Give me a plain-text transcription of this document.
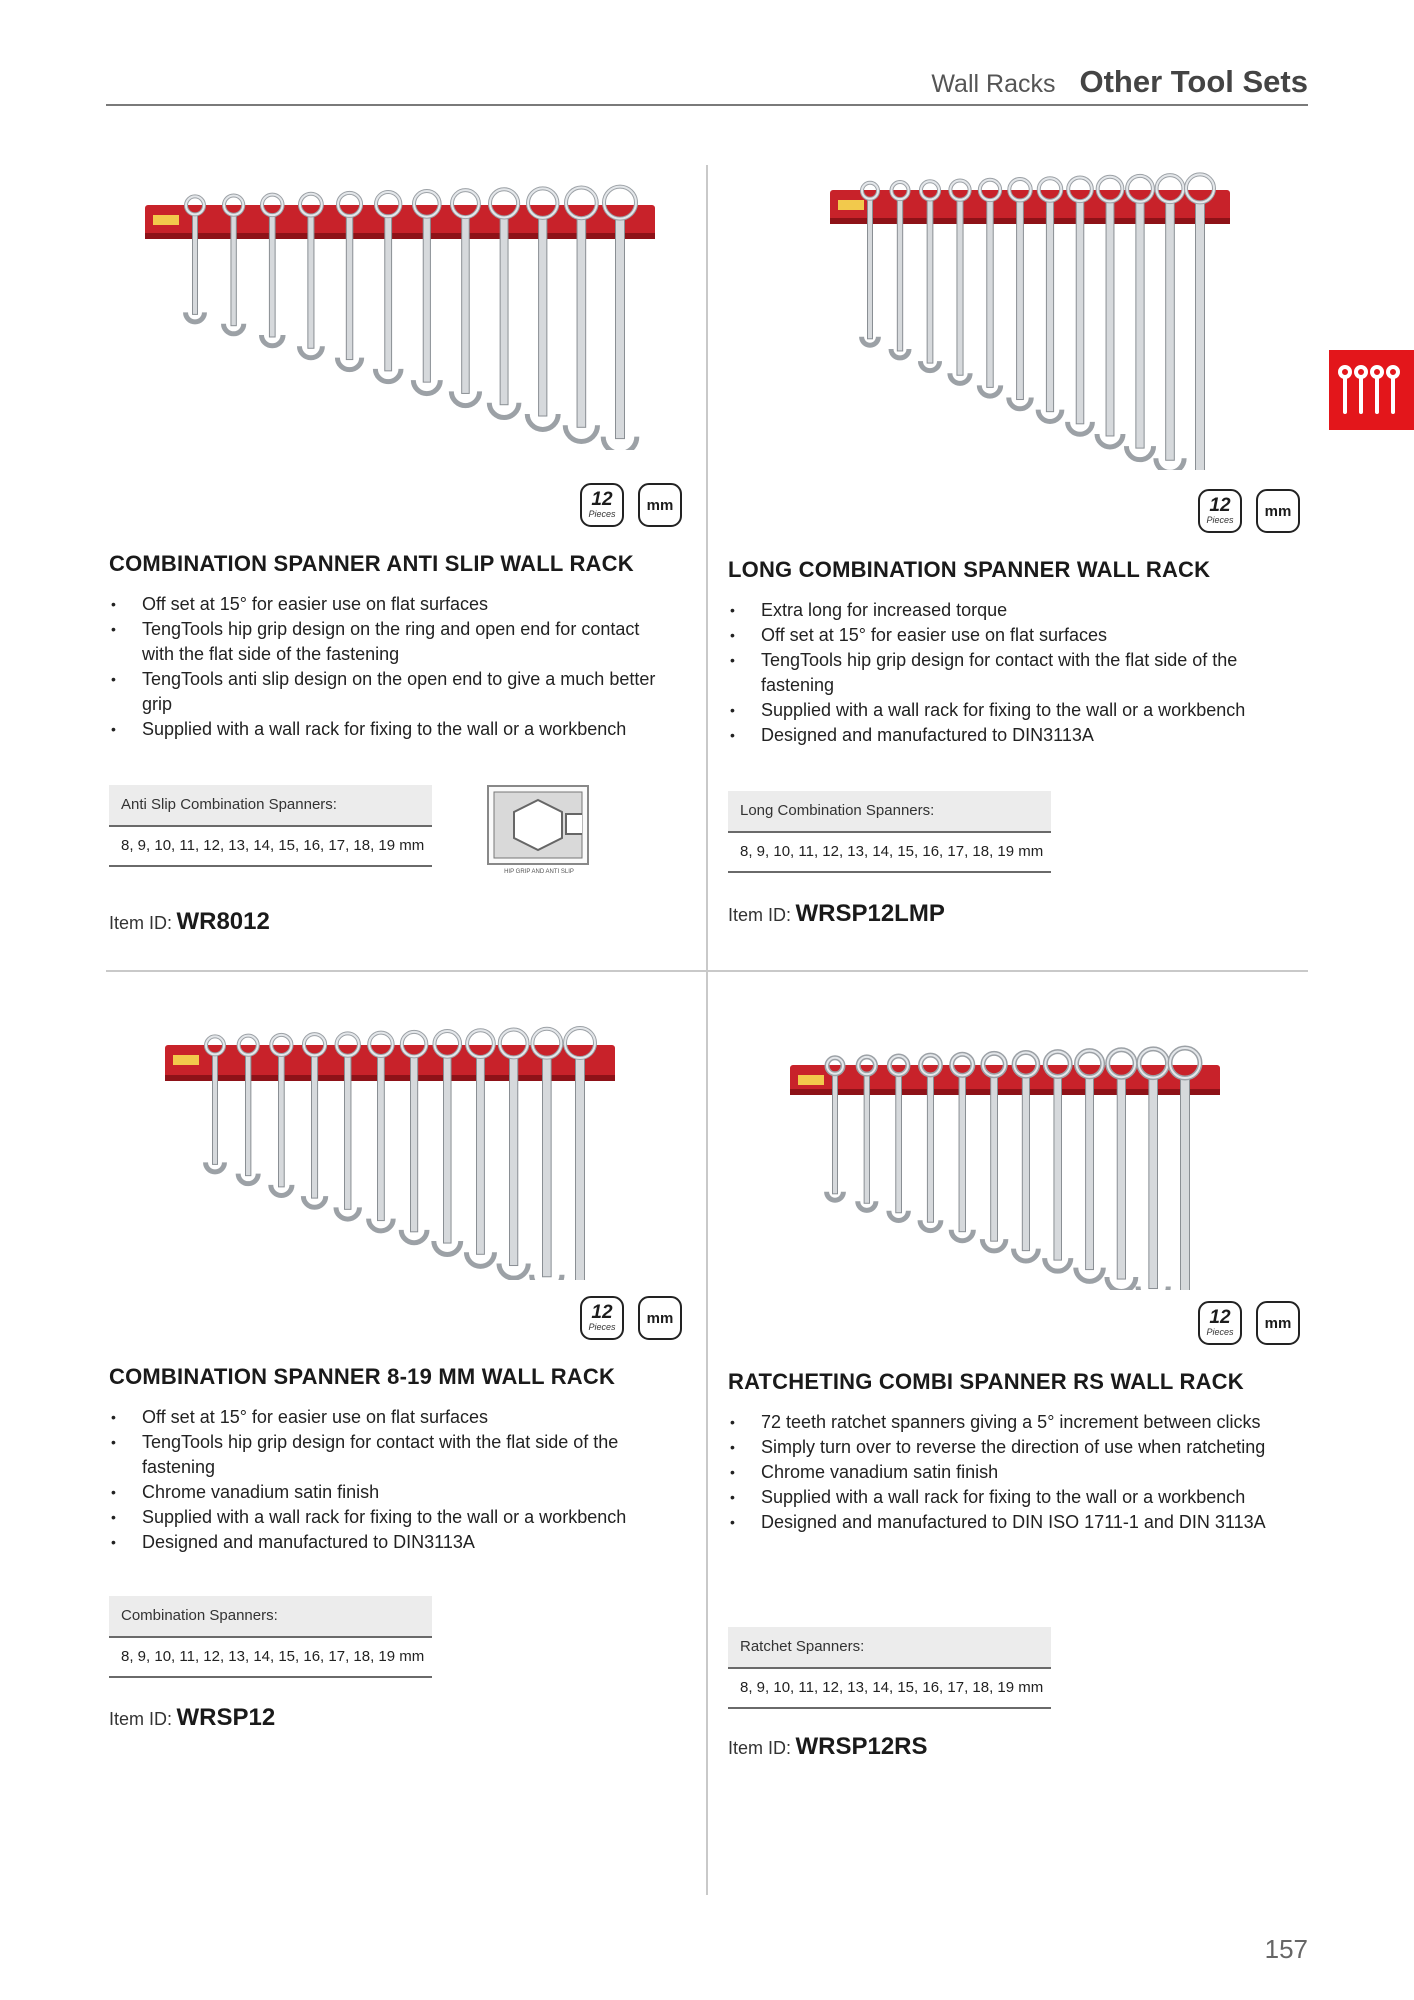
Wall Racks Other Tool Sets
12
Pieces
mm
COMBINATION SPANNER ANTI SLIP WALL RACK
• Off set at 15° for easier use on flat surfaces
• TengTools hip grip design on the ring and open end for contact with the flat side of the fastening
• TengTools anti slip design on the open end to give a much better grip
• Supplied with a wall rack for fixing to the wall or a workbench
Anti Slip Combination Spanners:
8, 9, 10, 11, 12, 13, 14, 15, 16, 17, 18, 19 mm
HIP GRIP AND ANTI SLIP
Item ID: WR8012
12
Pieces
mm
LONG COMBINATION SPANNER WALL RACK
• Extra long for increased torque
• Off set at 15° for easier use on flat surfaces
• TengTools hip grip design for contact with the flat side of the fastening
• Supplied with a wall rack for fixing to the wall or a workbench
• Designed and manufactured to DIN3113A
Long Combination Spanners:
8, 9, 10, 11, 12, 13, 14, 15, 16, 17, 18, 19 mm
Item ID: WRSP12LMP
12
Pieces
mm
COMBINATION SPANNER 8-19 MM WALL RACK
• Off set at 15° for easier use on flat surfaces
• TengTools hip grip design for contact with the flat side of the fastening
• Chrome vanadium satin finish
• Supplied with a wall rack for fixing to the wall or a workbench
• Designed and manufactured to DIN3113A
Combination Spanners:
8, 9, 10, 11, 12, 13, 14, 15, 16, 17, 18, 19 mm
Item ID: WRSP12
12
Pieces
mm
RATCHETING COMBI SPANNER RS WALL RACK
• 72 teeth ratchet spanners giving a 5° increment between clicks
• Simply turn over to reverse the direction of use when ratcheting
• Chrome vanadium satin finish
• Supplied with a wall rack for fixing to the wall or a workbench
• Designed and manufactured to DIN ISO 1711-1 and DIN 3113A
Ratchet Spanners:
8, 9, 10, 11, 12, 13, 14, 15, 16, 17, 18, 19 mm
Item ID: WRSP12RS
157
